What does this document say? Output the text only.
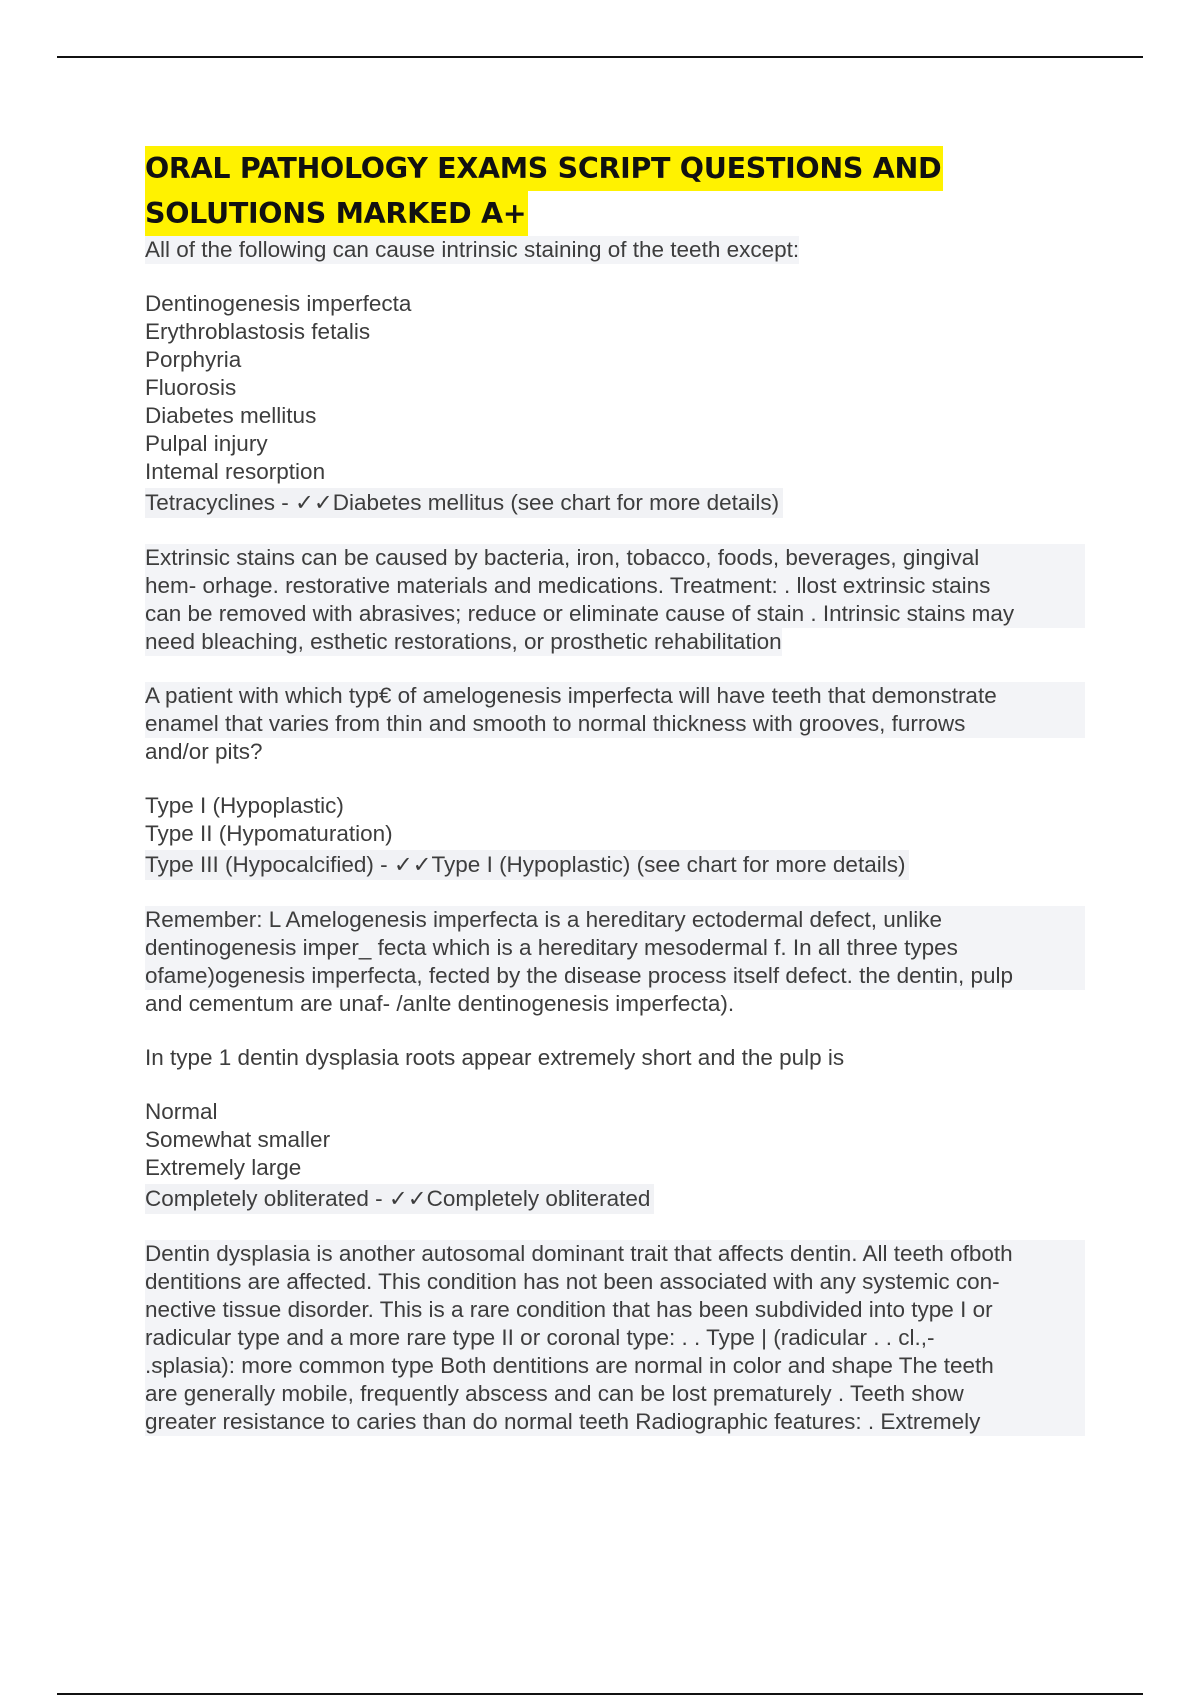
ORAL PATHOLOGY EXAMS SCRIPT QUESTIONS AND
SOLUTIONS MARKED A+

All of the following can cause intrinsic staining of the teeth except:

Dentinogenesis imperfecta
Erythroblastosis fetalis
Porphyria
Fluorosis
Diabetes mellitus
Pulpal injury
Intemal resorption
Tetracyclines - ✓✓Diabetes mellitus (see chart for more details)

Extrinsic stains can be caused by bacteria, iron, tobacco, foods, beverages, gingival
hem- orhage. restorative materials and medications. Treatment: . llost extrinsic stains
can be removed with abrasives; reduce or eliminate cause of stain . Intrinsic stains may
need bleaching, esthetic restorations, or prosthetic rehabilitation

A patient with which typ€ of amelogenesis imperfecta will have teeth that demonstrate
enamel that varies from thin and smooth to normal thickness with grooves, furrows
and/or pits?

Type I (Hypoplastic)
Type II (Hypomaturation)
Type III (Hypocalcified) - ✓✓Type I (Hypoplastic) (see chart for more details)

Remember: L Amelogenesis imperfecta is a hereditary ectodermal defect, unlike
dentinogenesis imper_ fecta which is a hereditary mesodermal f. In all three types
ofame)ogenesis imperfecta, fected by the disease process itself defect. the dentin, pulp
and cementum are unaf- /anlte dentinogenesis imperfecta).

In type 1 dentin dysplasia roots appear extremely short and the pulp is

Normal
Somewhat smaller
Extremely large
Completely obliterated - ✓✓Completely obliterated

Dentin dysplasia is another autosomal dominant trait that affects dentin. All teeth ofboth
dentitions are affected. This condition has not been associated with any systemic con-
nective tissue disorder. This is a rare condition that has been subdivided into type I or
radicular type and a more rare type II or coronal type: . . Type | (radicular . . cl.,-
.splasia): more common type Both dentitions are normal in color and shape The teeth
are generally mobile, frequently abscess and can be lost prematurely . Teeth show
greater resistance to caries than do normal teeth Radiographic features: . Extremely
